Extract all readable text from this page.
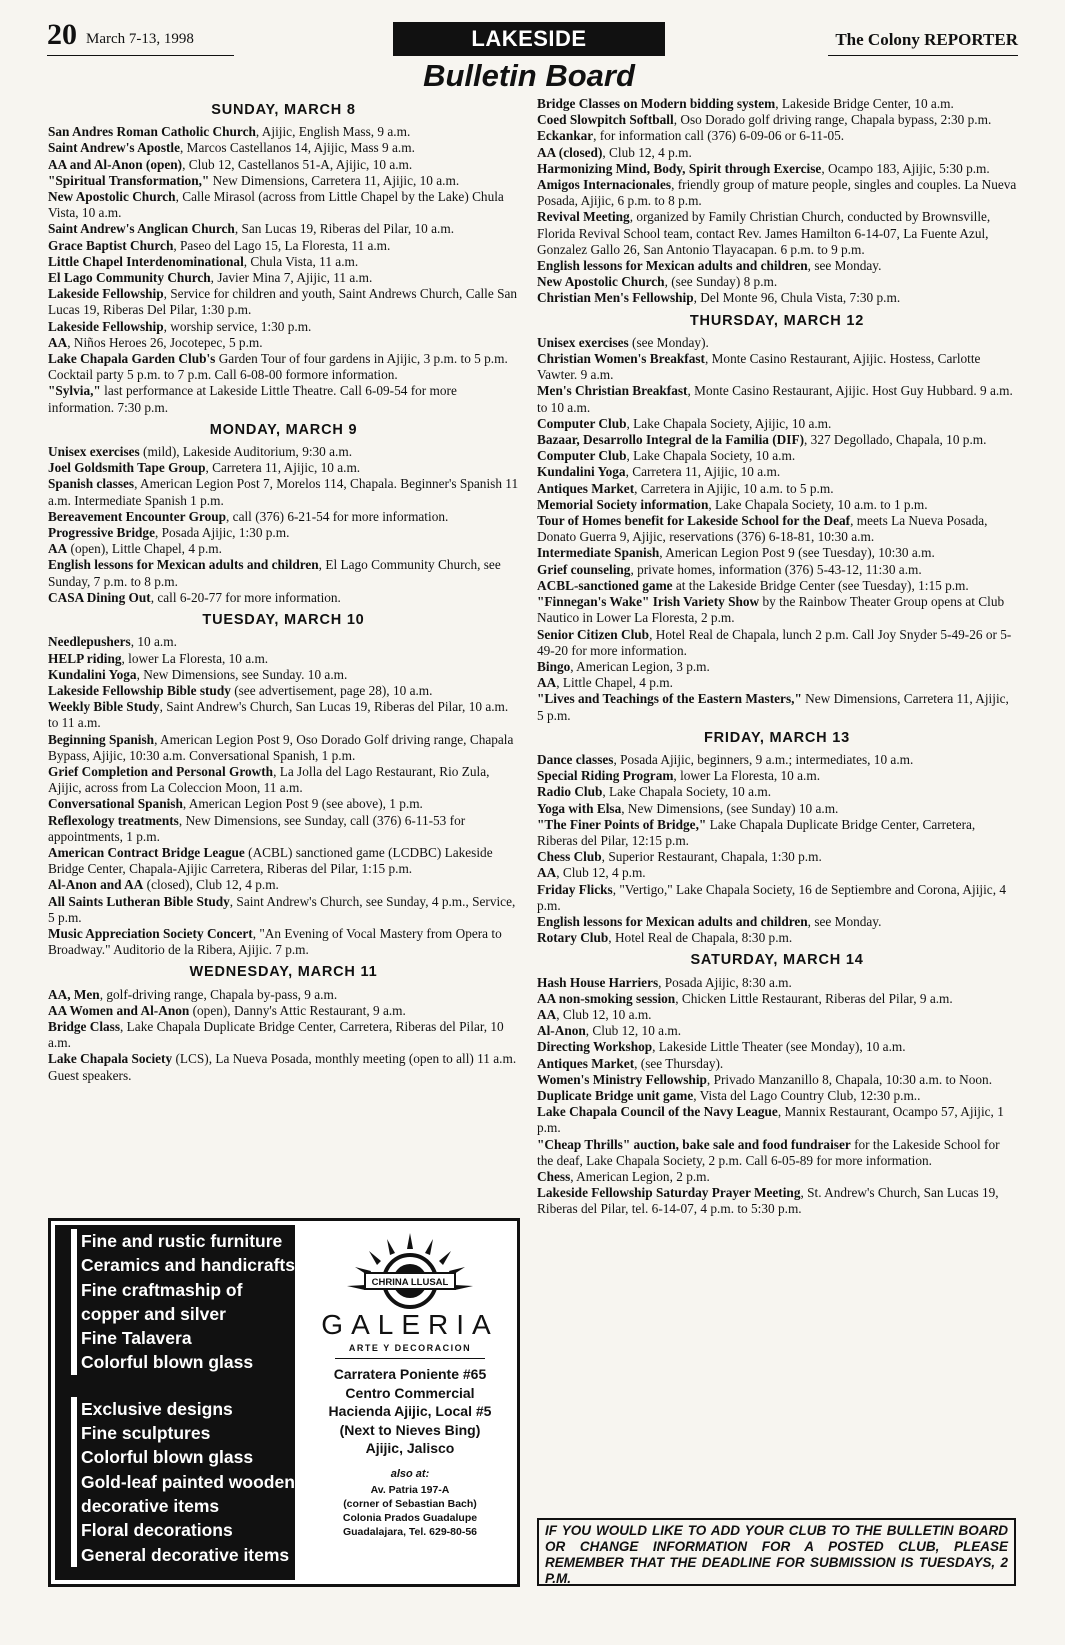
20 March 7-13, 1998	LAKESIDE
Bulletin Board
The Colony REPORTER
SUNDAY, MARCH 8

San Andres Roman Catholic Church, Ajijic, English Mass, 9 a.m.

Saint Andrew's Apostle, Marcos Castellanos 14, Ajijic, Mass 9 a.m.

AA and Al-Anon (open), Club 12, Castellanos 51-A, Ajijic, 10 a.m.

"Spiritual Transformation," New Dimensions, Carretera 11, Ajijic, 10 a.m.

New Apostolic Church, Calle Mirasol (across from Little Chapel by the Lake) Chula Vista, 10 a.m.

Saint Andrew's Anglican Church, San Lucas 19, Riberas del Pilar, 10 a.m.

Grace Baptist Church, Paseo del Lago 15, La Floresta, 11 a.m.

Little Chapel Interdenominational, Chula Vista, 11 a.m.

El Lago Community Church, Javier Mina 7, Ajijic, 11 a.m.

Lakeside Fellowship, Service for children and youth, Saint Andrews Church, Calle San Lucas 19, Riberas Del Pilar, 1:30 p.m.

Lakeside Fellowship, worship service, 1:30 p.m.

AA, Niños Heroes 26, Jocotepec, 5 p.m.

Lake Chapala Garden Club's Garden Tour of four gardens in Ajijic, 3 p.m. to 5 p.m. Cocktail party 5 p.m. to 7 p.m. Call 6-08-00 formore information.

"Sylvia," last performance at Lakeside Little Theatre. Call 6-09-54 for more information. 7:30 p.m.

MONDAY, MARCH 9

Unisex exercises (mild), Lakeside Auditorium, 9:30 a.m.

Joel Goldsmith Tape Group, Carretera 11, Ajijic, 10 a.m.

Spanish classes, American Legion Post 7, Morelos 114, Chapala. Beginner's Spanish 11 a.m. Intermediate Spanish 1 p.m.

Bereavement Encounter Group, call (376) 6-21-54 for more information.

Progressive Bridge, Posada Ajijic, 1:30 p.m.

AA (open), Little Chapel, 4 p.m.

English lessons for Mexican adults and children, El Lago Community Church, see Sunday, 7 p.m. to 8 p.m.

CASA Dining Out, call 6-20-77 for more information.

TUESDAY, MARCH 10

Needlepushers, 10 a.m.

HELP riding, lower La Floresta, 10 a.m.

Kundalini Yoga, New Dimensions, see Sunday. 10 a.m.

Lakeside Fellowship Bible study (see advertisement, page 28), 10 a.m.

Weekly Bible Study, Saint Andrew's Church, San Lucas 19, Riberas del Pilar, 10 a.m. to 11 a.m.

Beginning Spanish, American Legion Post 9, Oso Dorado Golf driving range, Chapala Bypass, Ajijic, 10:30 a.m. Conversational Spanish, 1 p.m.

Grief Completion and Personal Growth, La Jolla del Lago Restaurant, Rio Zula, Ajijic, across from La Coleccion Moon, 11 a.m.

Conversational Spanish, American Legion Post 9 (see above), 1 p.m.

Reflexology treatments, New Dimensions, see Sunday, call (376) 6-11-53 for appointments, 1 p.m.

American Contract Bridge League (ACBL) sanctioned game (LCDBC) Lakeside Bridge Center, Chapala-Ajijic Carretera, Riberas del Pilar, 1:15 p.m.

Al-Anon and AA (closed), Club 12, 4 p.m.

All Saints Lutheran Bible Study, Saint Andrew's Church, see Sunday, 4 p.m., Service, 5 p.m.

Music Appreciation Society Concert, "An Evening of Vocal Mastery from Opera to Broadway." Auditorio de la Ribera, Ajijic. 7 p.m.

WEDNESDAY, MARCH 11

AA, Men, golf-driving range, Chapala by-pass, 9 a.m.

AA Women and Al-Anon (open), Danny's Attic Restaurant, 9 a.m.

Bridge Class, Lake Chapala Duplicate Bridge Center, Carretera, Riberas del Pilar, 10 a.m.

Lake Chapala Society (LCS), La Nueva Posada, monthly meeting (open to all) 11 a.m. Guest speakers.

Bridge Classes on Modern bidding system, Lakeside Bridge Center, 10 a.m.

Coed Slowpitch Softball, Oso Dorado golf driving range, Chapala bypass, 2:30 p.m.

Eckankar, for information call (376) 6-09-06 or 6-11-05.

AA (closed), Club 12, 4 p.m.

Harmonizing Mind, Body, Spirit through Exercise, Ocampo 183, Ajijic, 5:30 p.m.

Amigos Internacionales, friendly group of mature people, singles and couples. La Nueva Posada, Ajijic, 6 p.m. to 8 p.m.

Revival Meeting, organized by Family Christian Church, conducted by Brownsville, Florida Revival School team, contact Rev. James Hamilton 6-14-07, La Fuente Azul, Gonzalez Gallo 26, San Antonio Tlayacapan. 6 p.m. to 9 p.m.

English lessons for Mexican adults and children, see Monday.

New Apostolic Church, (see Sunday) 8 p.m.

Christian Men's Fellowship, Del Monte 96, Chula Vista, 7:30 p.m.

THURSDAY, MARCH 12

Unisex exercises (see Monday).

Christian Women's Breakfast, Monte Casino Restaurant, Ajijic. Hostess, Carlotte Vawter. 9 a.m.

Men's Christian Breakfast, Monte Casino Restaurant, Ajijic. Host Guy Hubbard. 9 a.m. to 10 a.m.

Computer Club, Lake Chapala Society, Ajijic, 10 a.m.

Bazaar, Desarrollo Integral de la Familia (DIF), 327 Degollado, Chapala, 10 p.m.

Computer Club, Lake Chapala Society, 10 a.m.

Kundalini Yoga, Carretera 11, Ajijic, 10 a.m.

Antiques Market, Carretera in Ajijic, 10 a.m. to 5 p.m.

Memorial Society information, Lake Chapala Society, 10 a.m. to 1 p.m.

Tour of Homes benefit for Lakeside School for the Deaf, meets La Nueva Posada, Donato Guerra 9, Ajijic, reservations (376) 6-18-81, 10:30 a.m.

Intermediate Spanish, American Legion Post 9 (see Tuesday), 10:30 a.m.

Grief counseling, private homes, information (376) 5-43-12, 11:30 a.m.

ACBL-sanctioned game at the Lakeside Bridge Center (see Tuesday), 1:15 p.m.

"Finnegan's Wake" Irish Variety Show by the Rainbow Theater Group opens at Club Nautico in Lower La Floresta, 2 p.m.

Senior Citizen Club, Hotel Real de Chapala, lunch 2 p.m. Call Joy Snyder 5-49-26 or 5-49-20 for more information.

Bingo, American Legion, 3 p.m.

AA, Little Chapel, 4 p.m.

"Lives and Teachings of the Eastern Masters," New Dimensions, Carretera 11, Ajijic, 5 p.m.

FRIDAY, MARCH 13

Dance classes, Posada Ajijic, beginners, 9 a.m.; intermediates, 10 a.m.

Special Riding Program, lower La Floresta, 10 a.m.

Radio Club, Lake Chapala Society, 10 a.m.

Yoga with Elsa, New Dimensions, (see Sunday) 10 a.m.

"The Finer Points of Bridge," Lake Chapala Duplicate Bridge Center, Carretera, Riberas del Pilar, 12:15 p.m.

Chess Club, Superior Restaurant, Chapala, 1:30 p.m.

AA, Club 12, 4 p.m.

Friday Flicks, "Vertigo," Lake Chapala Society, 16 de Septiembre and Corona, Ajijic, 4 p.m.

English lessons for Mexican adults and children, see Monday.

Rotary Club, Hotel Real de Chapala, 8:30 p.m.

SATURDAY, MARCH 14

Hash House Harriers, Posada Ajijic, 8:30 a.m.

AA non-smoking session, Chicken Little Restaurant, Riberas del Pilar, 9 a.m.

AA, Club 12, 10 a.m.

Al-Anon, Club 12, 10 a.m.

Directing Workshop, Lakeside Little Theater (see Monday), 10 a.m.

Antiques Market, (see Thursday).

Women's Ministry Fellowship, Privado Manzanillo 8, Chapala, 10:30 a.m. to Noon.

Duplicate Bridge unit game, Vista del Lago Country Club, 12:30 p.m..

Lake Chapala Council of the Navy League, Mannix Restaurant, Ocampo 57, Ajijic, 1 p.m.

"Cheap Thrills" auction, bake sale and food fundraiser for the Lakeside School for the deaf, Lake Chapala Society, 2 p.m. Call 6-05-89 for more information.

Chess, American Legion, 2 p.m.

Lakeside Fellowship Saturday Prayer Meeting, St. Andrew's Church, San Lucas 19, Riberas del Pilar, tel. 6-14-07, 4 p.m. to 5:30 p.m.

Fine and rustic furniture
Ceramics and handicrafts
Fine craftmaship of
copper and silver
Fine Talavera
Colorful blown glass
Exclusive designs
Fine sculptures
Colorful blown glass
Gold-leaf painted wooden
decorative items
Floral decorations
General decorative items
CHRINA LLUSAL
GALERIA
ARTE Y DECORACION
Carratera Poniente #65
Centro Commercial
Hacienda Ajijic, Local #5
(Next to Nieves Bing)
Ajijic, Jalisco
also at:
Av. Patria 197-A
(corner of Sebastian Bach)
Colonia Prados Guadalupe
Guadalajara, Tel. 629-80-56	IF YOU WOULD LIKE TO ADD YOUR CLUB TO THE BULLETIN BOARD OR CHANGE INFORMATION FOR A POSTED CLUB, PLEASE REMEMBER THAT THE DEADLINE FOR SUBMISSION IS TUESDAYS, 2 P.M.
